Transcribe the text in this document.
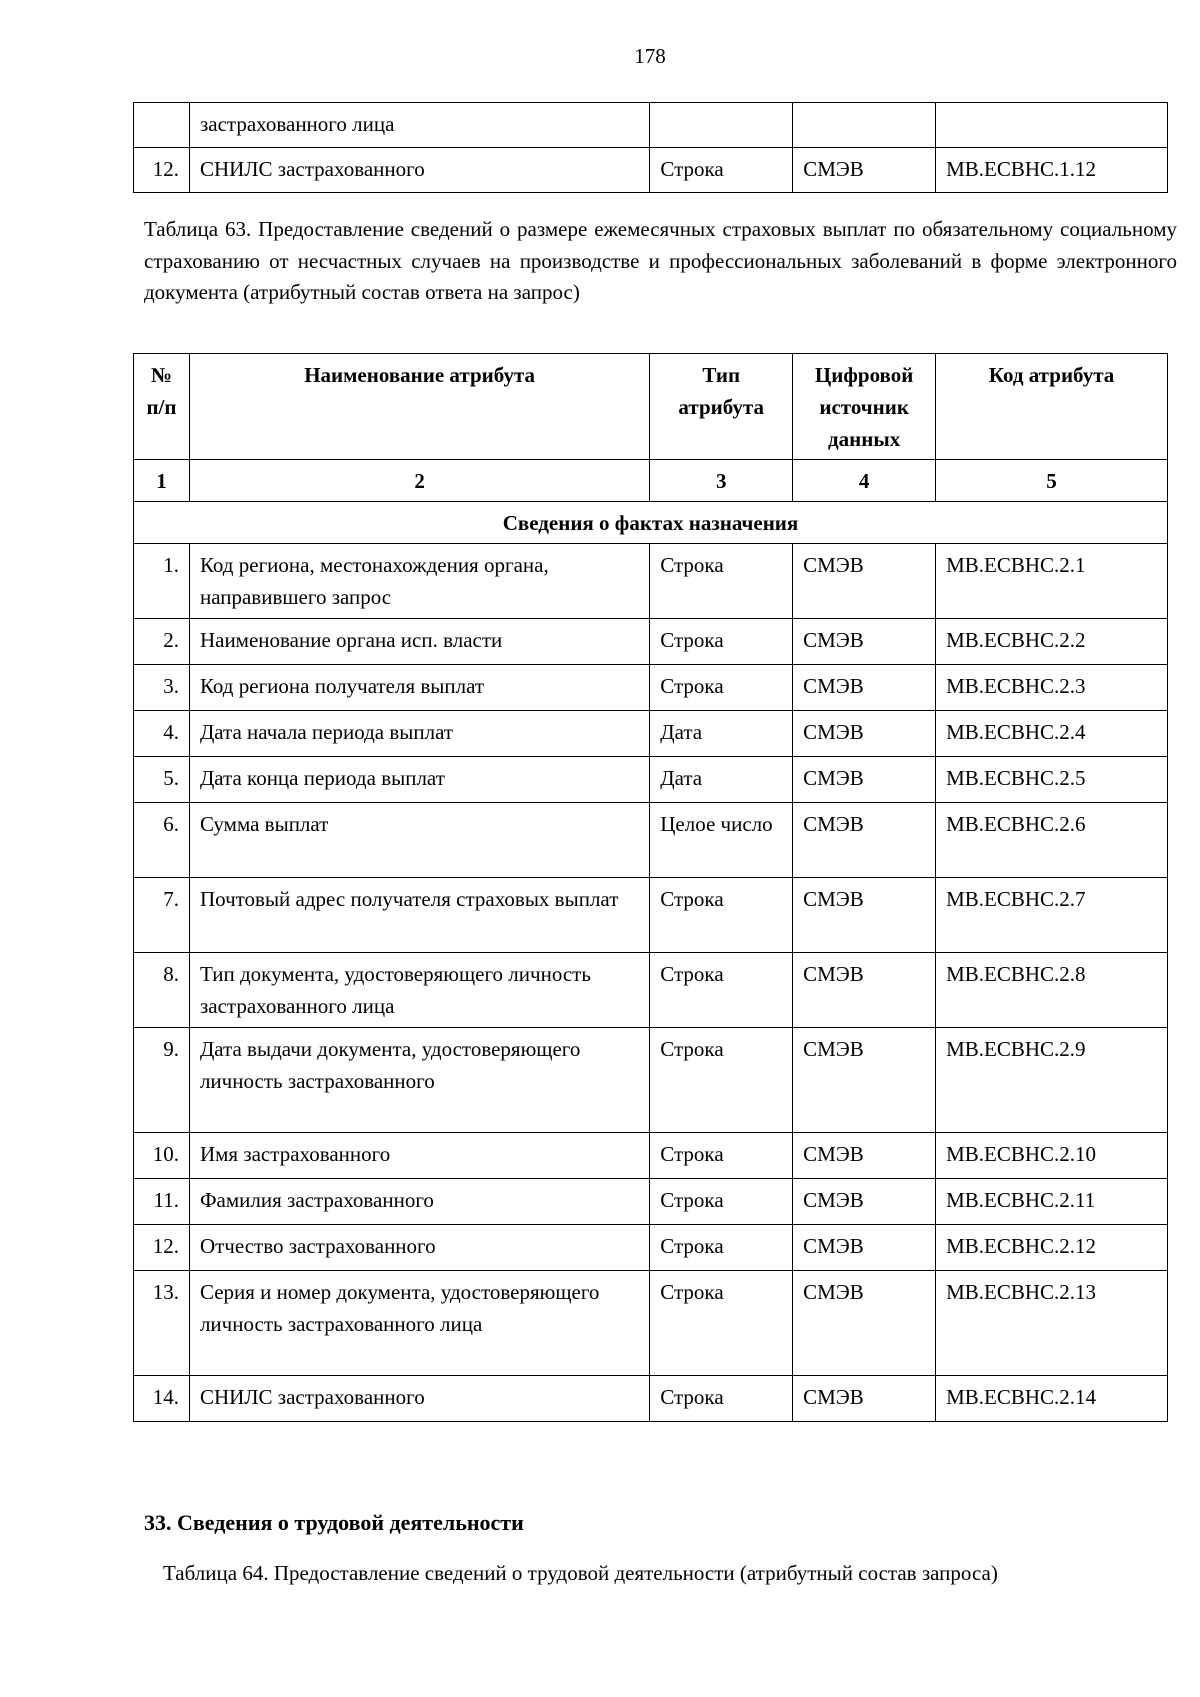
178
	застрахованного лица			
12.	СНИЛС застрахованного	Строка	СМЭВ	МВ.ЕСВНС.1.12
Таблица 63. Предоставление сведений о размере ежемесячных страховых выплат по обязательному социальному страхованию от несчастных случаев на производстве и профессиональных заболеваний в форме электронного документа (атрибутный состав ответа на запрос)
№ п/п	Наименование атрибута	Тип атрибута	Цифровой источник данных	Код атрибута
1	2	3	4	5
Сведения о фактах назначения				
1.	Код региона, местонахождения органа, направившего запрос	Строка	СМЭВ	МВ.ЕСВНС.2.1
2.	Наименование органа исп. власти	Строка	СМЭВ	МВ.ЕСВНС.2.2
3.	Код региона получателя выплат	Строка	СМЭВ	МВ.ЕСВНС.2.3
4.	Дата начала периода выплат	Дата	СМЭВ	МВ.ЕСВНС.2.4
5.	Дата конца периода выплат	Дата	СМЭВ	МВ.ЕСВНС.2.5
6.	Сумма выплат	Целое число	СМЭВ	МВ.ЕСВНС.2.6
7.	Почтовый адрес получателя страховых выплат	Строка	СМЭВ	МВ.ЕСВНС.2.7
8.	Тип документа, удостоверяющего личность застрахованного лица	Строка	СМЭВ	МВ.ЕСВНС.2.8
9.	Дата выдачи документа, удостоверяющего личность застрахованного	Строка	СМЭВ	МВ.ЕСВНС.2.9
10.	Имя застрахованного	Строка	СМЭВ	МВ.ЕСВНС.2.10
11.	Фамилия застрахованного	Строка	СМЭВ	МВ.ЕСВНС.2.11
12.	Отчество застрахованного	Строка	СМЭВ	МВ.ЕСВНС.2.12
13.	Серия и номер документа, удостоверяющего личность застрахованного лица	Строка	СМЭВ	МВ.ЕСВНС.2.13
14.	СНИЛС застрахованного	Строка	СМЭВ	МВ.ЕСВНС.2.14
33. Сведения о трудовой деятельности
Таблица 64. Предоставление сведений о трудовой деятельности (атрибутный состав запроса)
